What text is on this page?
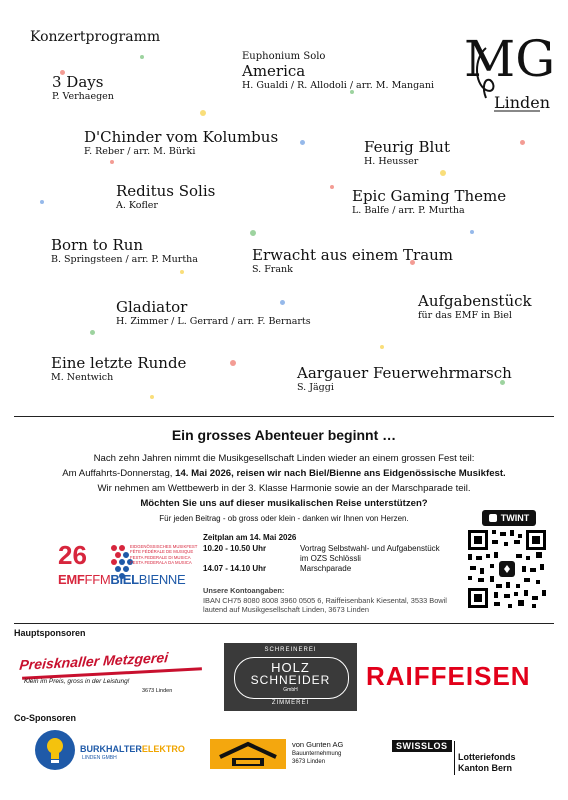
Konzertprogramm	MG
Linden
3 Days
P. Verhaegen
Euphonium Solo
America
H. Gualdi / R. Allodoli / arr. M. Mangani
D'Chinder vom Kolumbus
F. Reber / arr. M. Bürki	Feurig Blut
H. Heusser
Reditus Solis
A. Kofler
Epic Gaming Theme
L. Balfe / arr. P. Murtha
Born to Run
B. Springsteen / arr. P. Murtha	Erwacht aus einem Traum
S. Frank
Gladiator
H. Zimmer / L. Gerrard / arr. F. Bernarts
Aufgabenstück
für das EMF in Biel
Eine letzte Runde
M. Nentwich	Aargauer Feuerwehrmarsch
S. Jäggi
Ein grosses Abenteuer beginnt …
Nach zehn Jahren nimmt die Musikgesellschaft Linden wieder an einem grossen Fest teil:
Am Auffahrts-Donnerstag, 14. Mai 2026, reisen wir nach Biel/Bienne ans Eidgenössische Musikfest.
Wir nehmen am Wettbewerb in der 3. Klasse Harmonie sowie an der Marschparade teil.
Möchten Sie uns auf dieser musikalischen Reise unterstützen?
Für jeden Beitrag - ob gross oder klein - danken wir Ihnen von Herzen.
26	EIDGENÖSSISCHES MUSIKFEST
FÊTE FÉDÉRALE DE MUSIQUE
FESTA FEDERALE DI MUSICA
FESTA FEDERALA DA MUSICA
EMFFFMBIELBIENNE
Zeitplan am 14. Mai 2026
10.20 - 10.50 Uhr	Vortrag Selbstwahl- und Aufgabenstück
im OZS Schlössli
14.07 - 14.10 Uhr	Marschparade
Unsere Kontoangaben:
IBAN CH75 8080 8008 3960 0505 6, Raiffeisenbank Kiesental, 3533 Bowil
lautend auf Musikgesellschaft Linden, 3673 Linden
TWINT
Hauptsponsoren
Preisknaller Metzgerei
Klein im Preis, gross in der Leistung!
3673 Linden
SCHREINEREI
HOLZ
SCHNEIDER
GmbH
ZIMMEREI
RAIFFEISEN
Co-Sponsoren
BURKHALTERELEKTRO
LINDEN GMBH
von Gunten AG
Bauunternehmung
3673 Linden
SWISSLOS
Lotteriefonds
Kanton Bern
